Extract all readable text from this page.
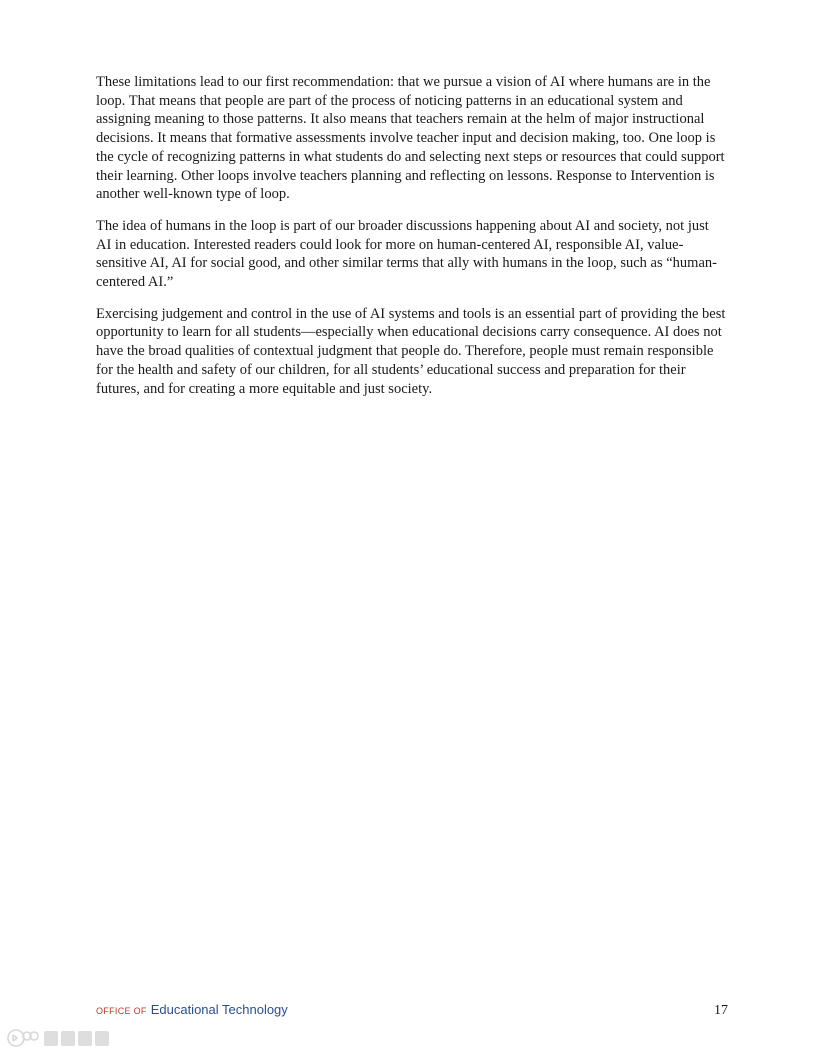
These limitations lead to our first recommendation: that we pursue a vision of AI where humans are in the loop. That means that people are part of the process of noticing patterns in an educational system and assigning meaning to those patterns. It also means that teachers remain at the helm of major instructional decisions. It means that formative assessments involve teacher input and decision making, too. One loop is the cycle of recognizing patterns in what students do and selecting next steps or resources that could support their learning. Other loops involve teachers planning and reflecting on lessons. Response to Intervention is another well-known type of loop.

The idea of humans in the loop is part of our broader discussions happening about AI and society, not just AI in education. Interested readers could look for more on human-centered AI, responsible AI, value-sensitive AI, AI for social good, and other similar terms that ally with humans in the loop, such as “human-centered AI.”

Exercising judgement and control in the use of AI systems and tools is an essential part of providing the best opportunity to learn for all students—especially when educational decisions carry consequence. AI does not have the broad qualities of contextual judgment that people do. Therefore, people must remain responsible for the health and safety of our children, for all students’ educational success and preparation for their futures, and for creating a more equitable and just society.

OFFICE OF Educational Technology	17
